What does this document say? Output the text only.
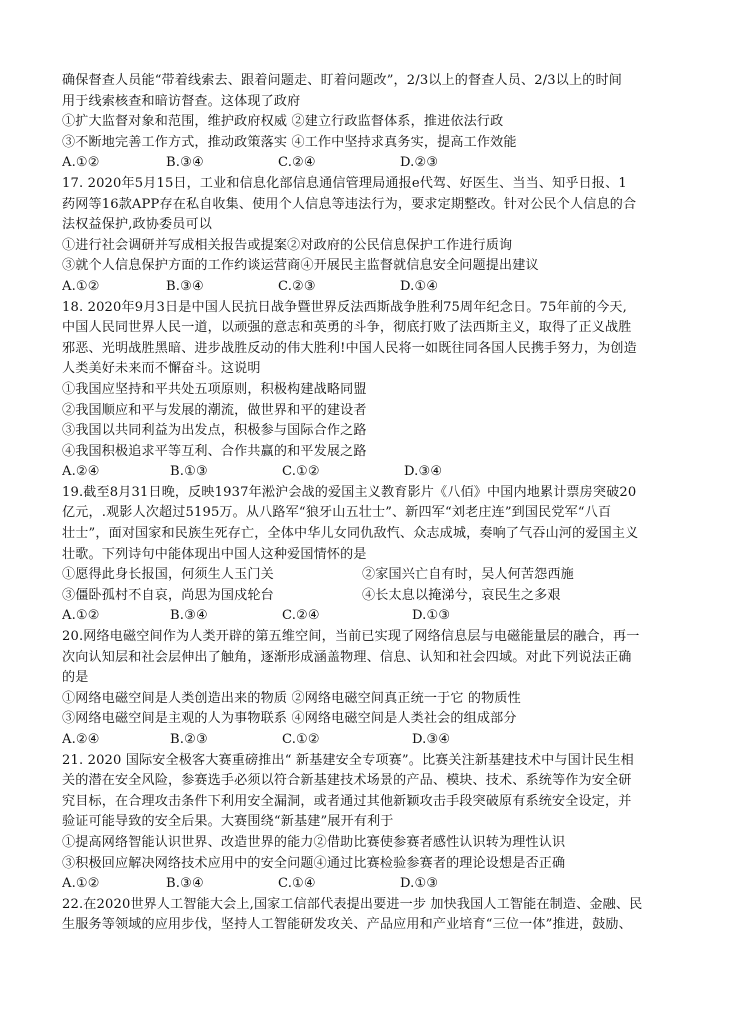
确保督查人员能“带着线索去、跟着问题走、盯着问题改”，2/3以上的督查人员、2/3以上的时间
用于线索核查和暗访督查。这体现了政府
①扩大监督对象和范围，维护政府权威 ②建立行政监督体系，推进依法行政
③不断地完善工作方式，推动政策落实 ④工作中坚持求真务实，提高工作效能
A.①②	B.③④	C.②④	D.②③
17. 2020年5月15日，工业和信息化部信息通信管理局通报e代驾、好医生、当当、知乎日报、1
药网等16款APP存在私自收集、使用个人信息等违法行为，要求定期整改。针对公民个人信息的合
法权益保护,政协委员可以
①进行社会调研并写成相关报告或提案②对政府的公民信息保护工作进行质询
③就个人信息保护方面的工作约谈运营商④开展民主监督就信息安全问题提出建议
A.①②	B.③④	C.②③	D.①④
18. 2020年9月3日是中国人民抗日战争暨世界反法西斯战争胜利75周年纪念日。75年前的今天,
中国人民同世界人民一道，以顽强的意志和英勇的斗争，彻底打败了法西斯主义，取得了正义战胜
邪恶、光明战胜黑暗、进步战胜反动的伟大胜利!中国人民将一如既往同各国人民携手努力，为创造
人类美好未来而不懈奋斗。这说明
①我国应坚持和平共处五项原则，积极构建战略同盟
②我国顺应和平与发展的潮流，做世界和平的建设者
③我国以共同利益为出发点，积极参与国际合作之路
④我国积极追求平等互利、合作共赢的和平发展之路
A.②④	B.①③	C.①②	D.③④
19.截至8月31日晚，反映1937年淞沪会战的爱国主义教育影片《八佰》中国内地累计票房突破20
亿元，.观影人次超过5195万。从八路军“狼牙山五壮士”、新四军“刘老庄连”到国民党军“八百
壮士”，面对国家和民族生死存亡，全体中华儿女同仇敌忾、众志成城，奏响了气吞山河的爱国主义
壮歌。下列诗句中能体现出中国人这种爱国情怀的是
①愿得此身长报国，何须生人玉门关	②家国兴亡自有时，吴人何苦怨西施
③僵卧孤村不自哀，尚思为国戍轮台	④长太息以掩涕兮，哀民生之多艰
A.①②	B.③④	C.②④	D.①③
20.网络电磁空间作为人类开辟的第五维空间，当前已实现了网络信息层与电磁能量层的融合，再一
次向认知层和社会层伸出了触角，逐渐形成涵盖物理、信息、认知和社会四域。对此下列说法正确
的是
①网络电磁空间是人类创造出来的物质 ②网络电磁空间真正统一于它 的物质性
③网络电磁空间是主观的人为事物联系 ④网络电磁空间是人类社会的组成部分
A.②④	B.②③	C.①②	D.③④
21. 2020 国际安全极客大赛重磅推出“ 新基建安全专项赛”。比赛关注新基建技术中与国计民生相
关的潜在安全风险，参赛选手必须以符合新基建技术场景的产品、模块、技术、系统等作为安全研
究目标，在合理攻击条件下利用安全漏洞，或者通过其他新颖攻击手段突破原有系统安全设定，并
验证可能导致的安全后果。大赛围绕“新基建”展开有利于
①提高网络智能认识世界、改造世界的能力②借助比赛使参赛者感性认识转为理性认识
③积极回应解决网络技术应用中的安全问题④通过比赛检验参赛者的理论设想是否正确
A.①②	B.③④	C.①④	D.①③
22.在2020世界人工智能大会上,国家工信部代表提出要进一步 加快我国人工智能在制造、金融、民
生服务等领域的应用步伐，坚持人工智能研发攻关、产品应用和产业培育“三位一体”推进，鼓励、
